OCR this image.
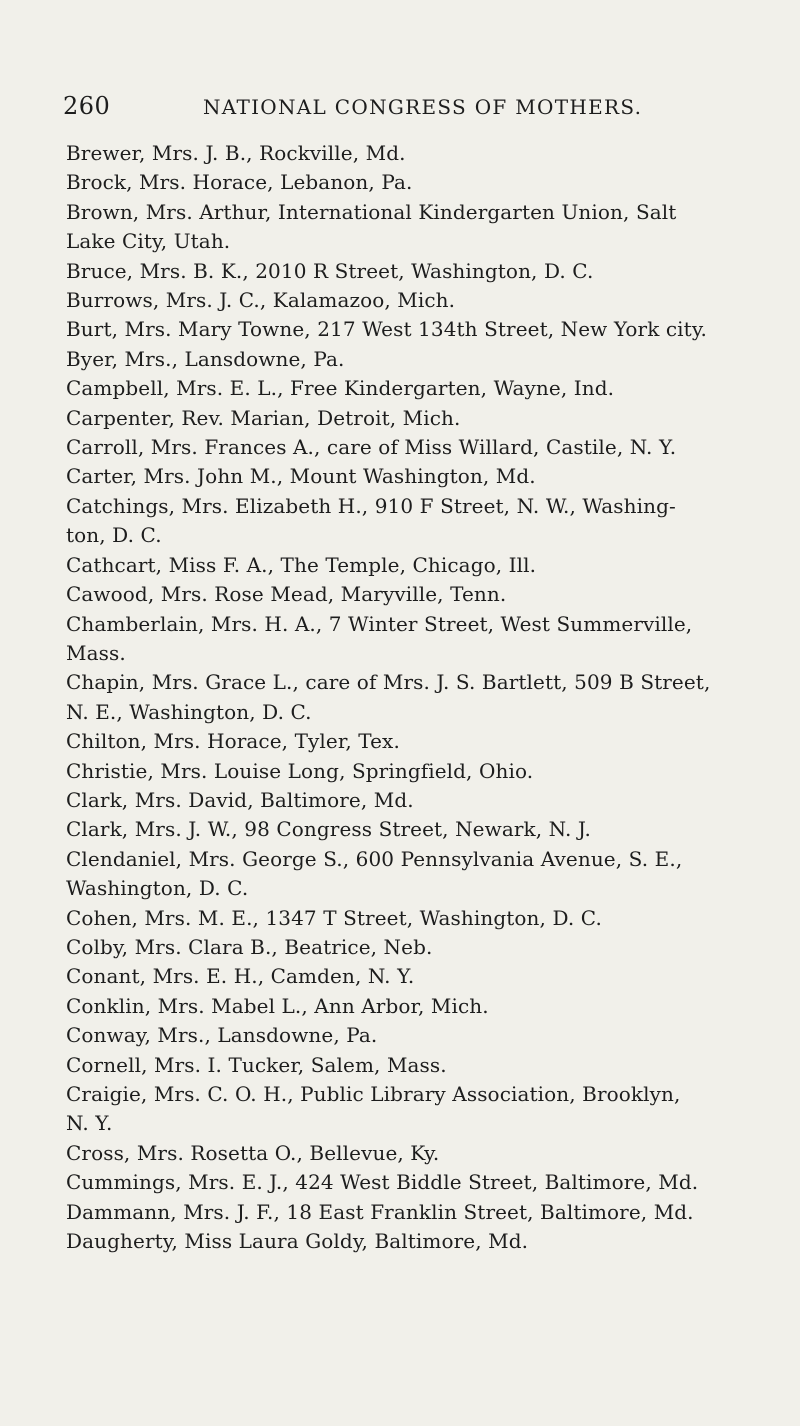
260	NATIONAL CONGRESS OF MOTHERS.
Brewer, Mrs. J. B., Rockville, Md.
Brock, Mrs. Horace, Lebanon, Pa.
Brown, Mrs. Arthur, International Kindergarten Union, Salt
Lake City, Utah.
Bruce, Mrs. B. K., 2010 R Street, Washington, D. C.
Burrows, Mrs. J. C., Kalamazoo, Mich.
Burt, Mrs. Mary Towne, 217 West 134th Street, New York city.
Byer, Mrs., Lansdowne, Pa.
Campbell, Mrs. E. L., Free Kindergarten, Wayne, Ind.
Carpenter, Rev. Marian, Detroit, Mich.
Carroll, Mrs. Frances A., care of Miss Willard, Castile, N. Y.
Carter, Mrs. John M., Mount Washington, Md.
Catchings, Mrs. Elizabeth H., 910 F Street, N. W., Washing-
ton, D. C.
Cathcart, Miss F. A., The Temple, Chicago, Ill.
Cawood, Mrs. Rose Mead, Maryville, Tenn.
Chamberlain, Mrs. H. A., 7 Winter Street, West Summerville,
Mass.
Chapin, Mrs. Grace L., care of Mrs. J. S. Bartlett, 509 B Street,
N. E., Washington, D. C.
Chilton, Mrs. Horace, Tyler, Tex.
Christie, Mrs. Louise Long, Springfield, Ohio.
Clark, Mrs. David, Baltimore, Md.
Clark, Mrs. J. W., 98 Congress Street, Newark, N. J.
Clendaniel, Mrs. George S., 600 Pennsylvania Avenue, S. E.,
Washington, D. C.
Cohen, Mrs. M. E., 1347 T Street, Washington, D. C.
Colby, Mrs. Clara B., Beatrice, Neb.
Conant, Mrs. E. H., Camden, N. Y.
Conklin, Mrs. Mabel L., Ann Arbor, Mich.
Conway, Mrs., Lansdowne, Pa.
Cornell, Mrs. I. Tucker, Salem, Mass.
Craigie, Mrs. C. O. H., Public Library Association, Brooklyn,
N. Y.
Cross, Mrs. Rosetta O., Bellevue, Ky.
Cummings, Mrs. E. J., 424 West Biddle Street, Baltimore, Md.
Dammann, Mrs. J. F., 18 East Franklin Street, Baltimore, Md.
Daugherty, Miss Laura Goldy, Baltimore, Md.
